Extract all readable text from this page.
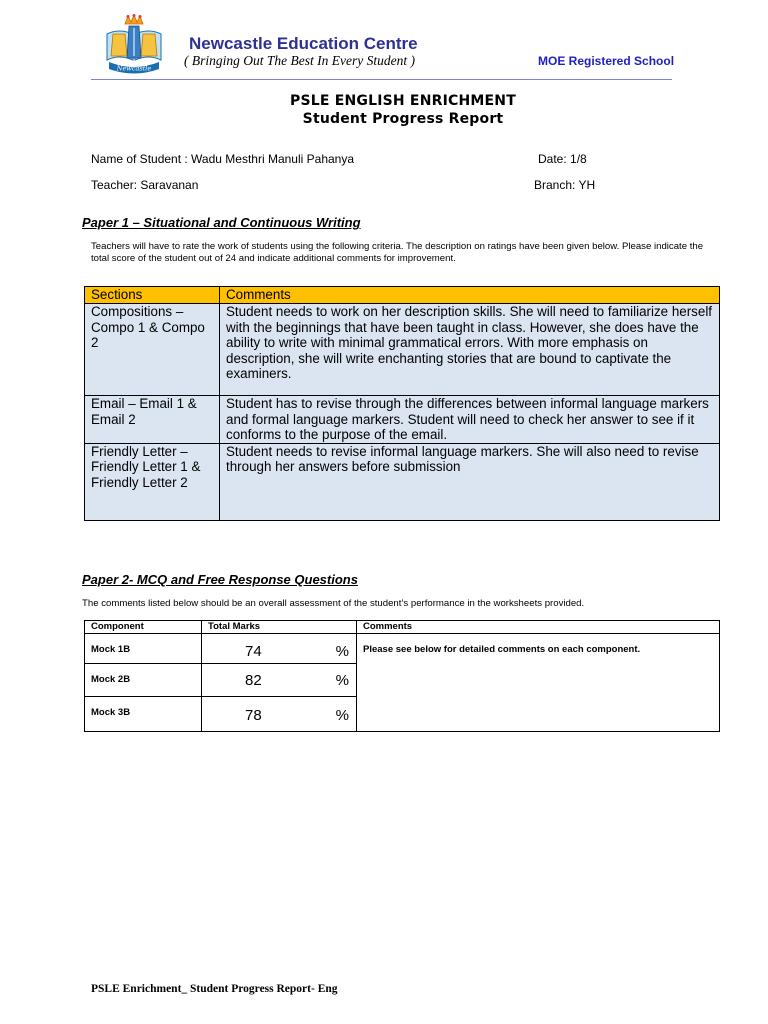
Newcastle
Newcastle Education Centre
( Bringing Out The Best In Every Student )	MOE Registered School
PSLE ENGLISH ENRICHMENT
Student Progress Report
Name of Student : Wadu Mesthri Manuli Pahanya	Date: 1/8
Teacher: Saravanan	Branch: YH
Paper 1 – Situational and Continuous Writing
Teachers will have to rate the work of students using the following criteria. The description on ratings have been given below. Please indicate the total score of the student out of 24 and indicate additional comments for improvement.
Sections	Comments
Compositions – Compo 1 & Compo 2	Student needs to work on her description skills. She will need to familiarize herself with the beginnings that have been taught in class. However, she does have the ability to write with minimal grammatical errors. With more emphasis on description, she will write enchanting stories that are bound to captivate the examiners.
Email – Email 1 & Email 2	Student has to revise through the differences between informal language markers and formal language markers. Student will need to check her answer to see if it conforms to the purpose of the email.
Friendly Letter – Friendly Letter 1 & Friendly Letter 2	Student needs to revise informal language markers. She will also need to revise through her answers before submission
Paper 2- MCQ and Free Response Questions
The comments listed below should be an overall assessment of the student’s performance in the worksheets provided.
Component	Total Marks	Comments
Mock 1B	74 %	Please see below for detailed comments on each component.
Mock 2B	82 %	

Mock 3B	78 %	
PSLE Enrichment_ Student Progress Report- Eng
